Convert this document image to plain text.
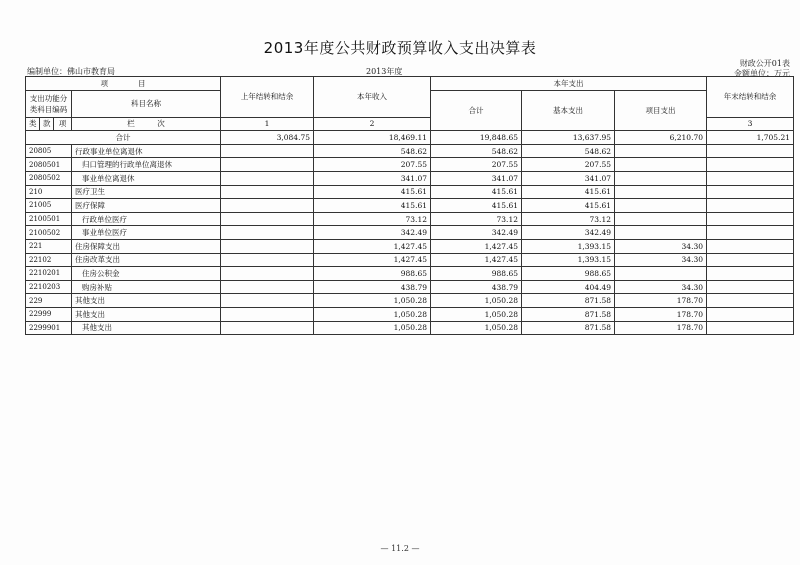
2013年度公共财政预算收入支出决算表
编制单位：佛山市教育局	2013年度
财政公开01表
金额单位：万元
项　　　　目				上年结转和结余	本年收入	本年支出			年末结转和结余	
支出功能分类科目编码			科目名称			合计	基本支出	项目支出		
类	款	项								
			栏　　　次	1	2				3			
合计				3,084.75	18,469.11	19,848.65	13,637.95	6,210.70	1,705.21	
20805			行政事业单位离退休		548.62	548.62	548.62			
2080501			归口管理的行政单位离退休		207.55	207.55	207.55			
2080502			事业单位离退休		341.07	341.07	341.07			
210			医疗卫生		415.61	415.61	415.61			
21005			医疗保障		415.61	415.61	415.61			
2100501			行政单位医疗		73.12	73.12	73.12			
2100502			事业单位医疗		342.49	342.49	342.49			
221			住房保障支出		1,427.45	1,427.45	1,393.15	34.30		
22102			住房改革支出		1,427.45	1,427.45	1,393.15	34.30		
2210201			住房公积金		988.65	988.65	988.65			
2210203			购房补贴		438.79	438.79	404.49	34.30		
229			其他支出		1,050.28	1,050.28	871.58	178.70		
22999			其他支出		1,050.28	1,050.28	871.58	178.70		
2299901			其他支出		1,050.28	1,050.28	871.58	178.70		
— 11.2 —
